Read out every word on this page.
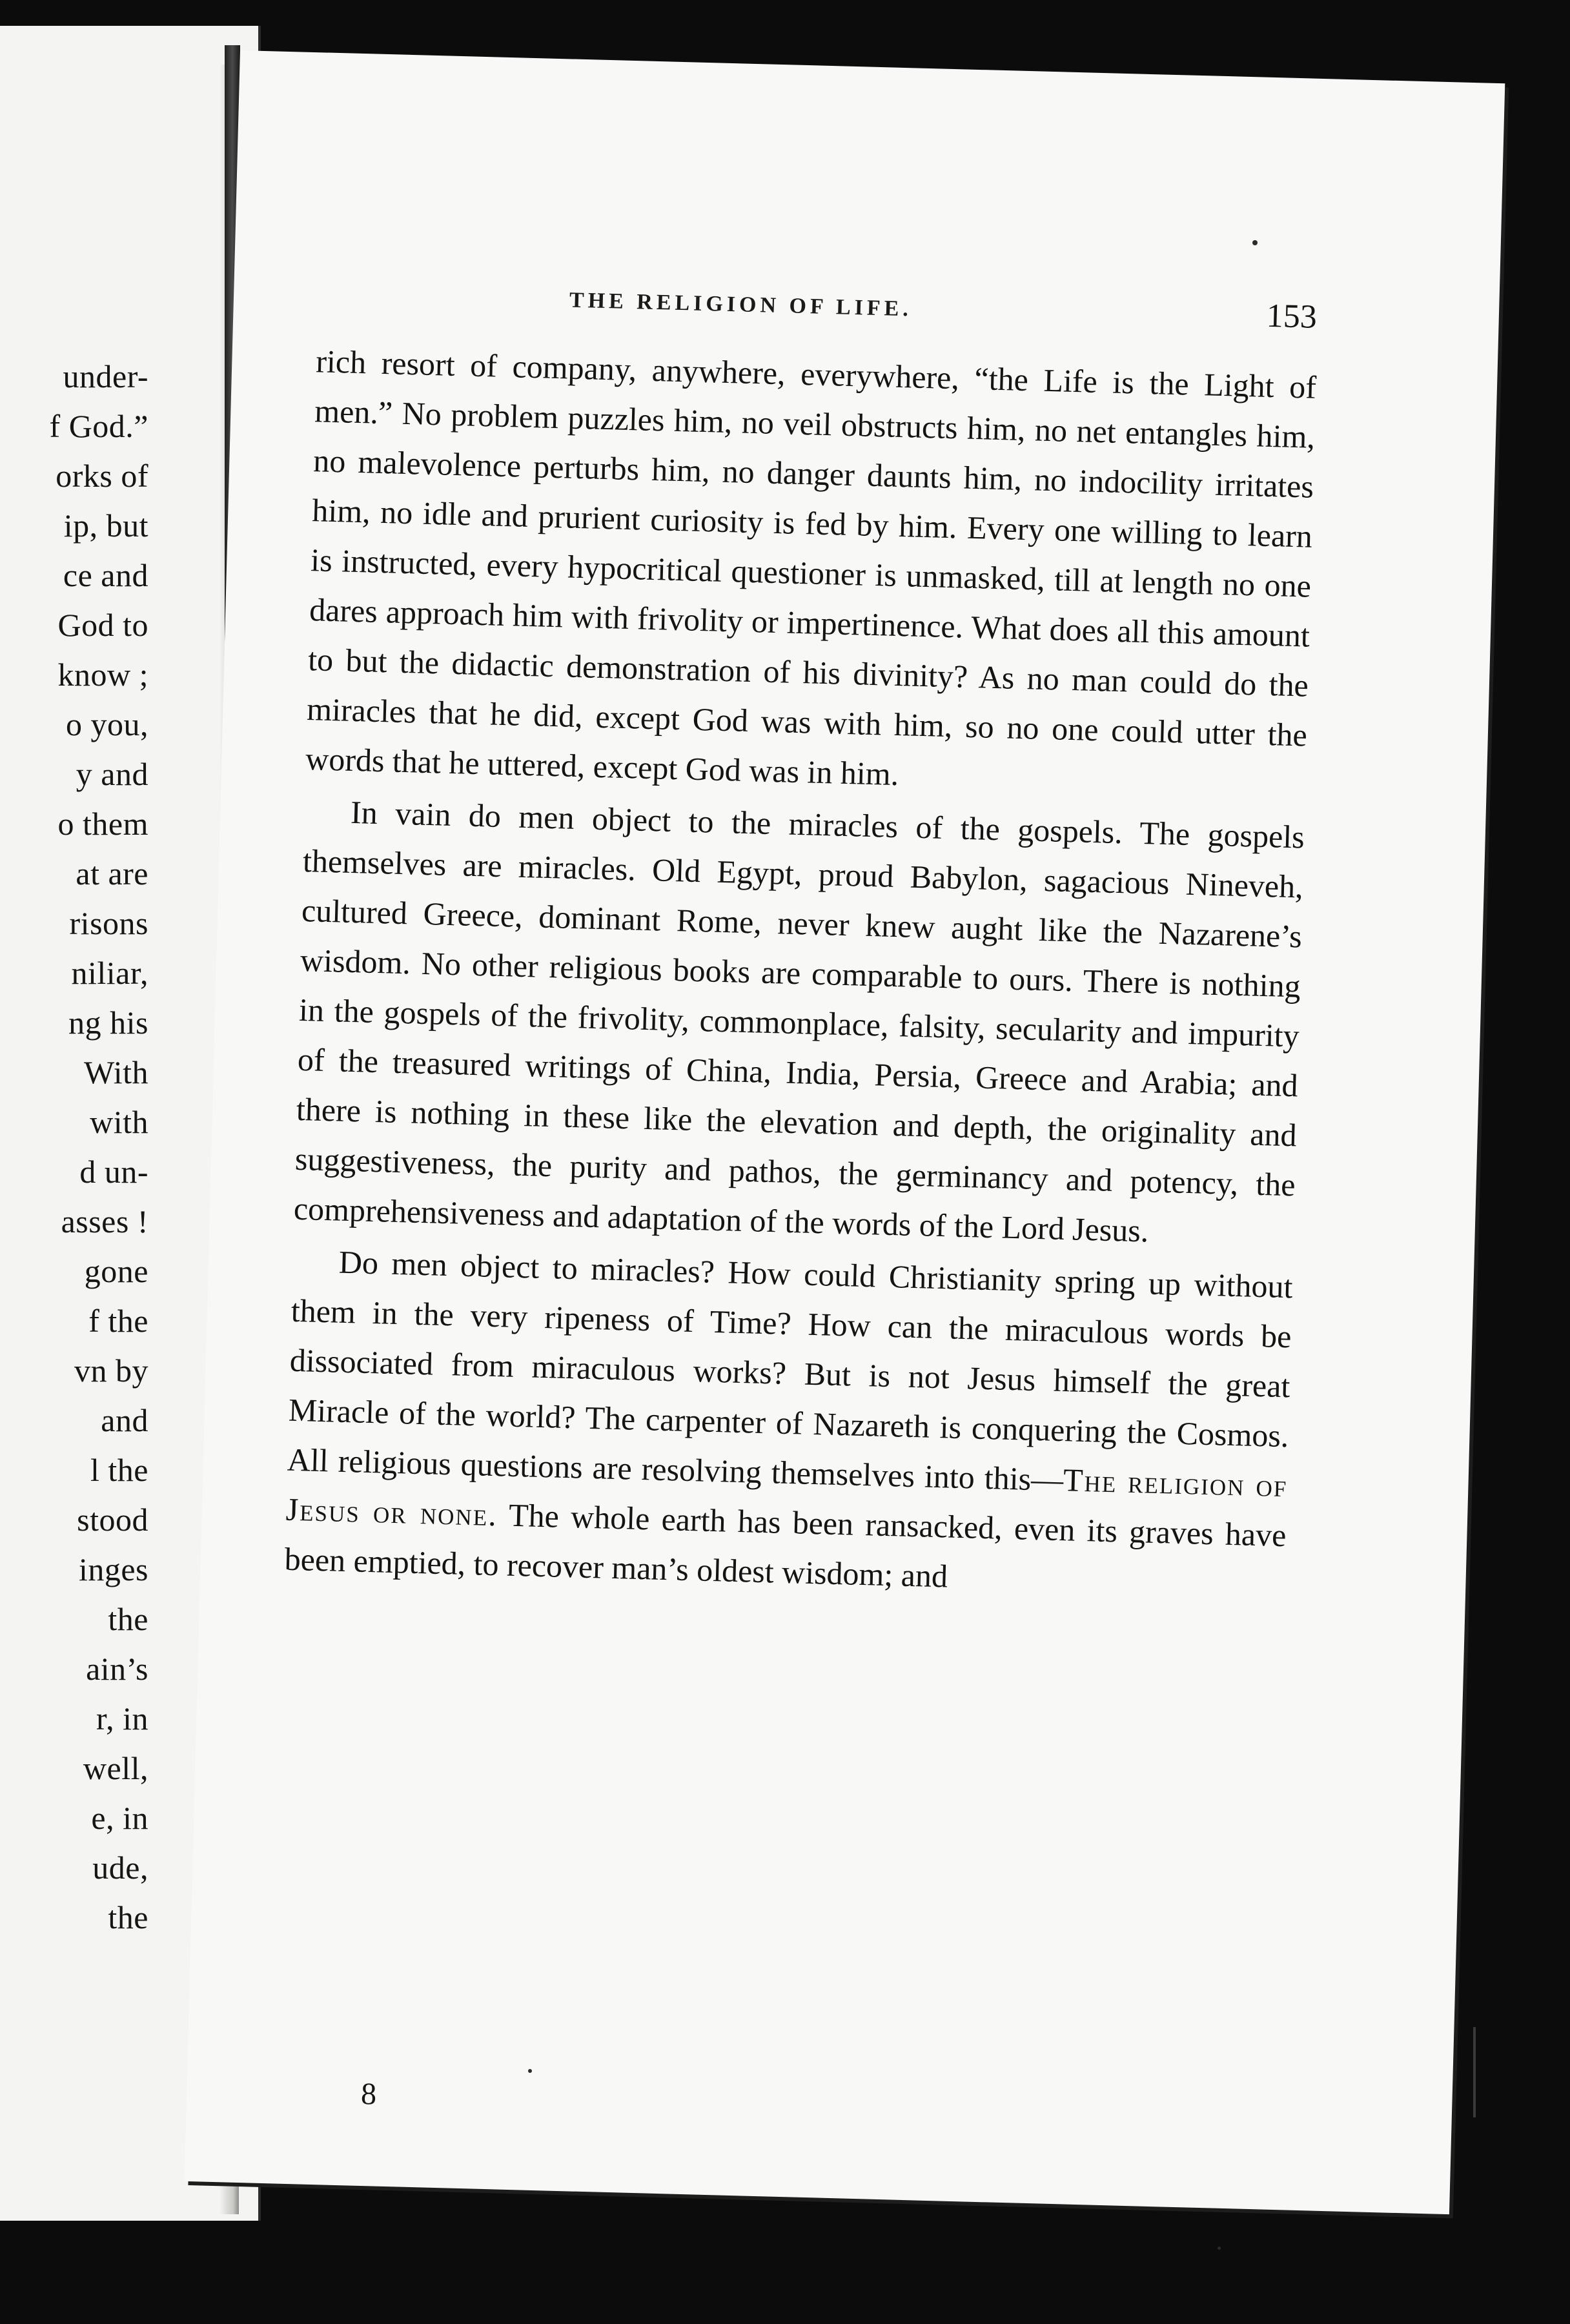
under-
f God.”
orks of
ip, but
ce and
God to
know ;
o you,
y and
o them
at are
risons
niliar,
ng his
With
with
d un-
asses !
gone
f the
vn by
and
l the
stood
inges
the
ain’s
r, in
well,
e, in
ude,
the
THE RELIGION OF LIFE.	153

rich resort of company, anywhere, everywhere, “the Life is the Light of men.” No problem puzzles him, no veil obstructs him, no net entangles him, no malevolence perturbs him, no danger daunts him, no indocility irritates him, no idle and prurient curiosity is fed by him. Every one willing to learn is instructed, every hypocritical questioner is unmasked, till at length no one dares approach him with frivolity or impertinence. What does all this amount to but the didactic demonstration of his divinity? As no man could do the miracles that he did, except God was with him, so no one could utter the words that he uttered, except God was in him.

In vain do men object to the miracles of the gospels. The gospels themselves are miracles. Old Egypt, proud Babylon, sagacious Nineveh, cultured Greece, dominant Rome, never knew aught like the Nazarene’s wisdom. No other religious books are comparable to ours. There is nothing in the gospels of the frivolity, commonplace, falsity, secularity and impurity of the treasured writings of China, India, Persia, Greece and Arabia; and there is nothing in these like the elevation and depth, the originality and suggestiveness, the purity and pathos, the germinancy and potency, the comprehensiveness and adaptation of the words of the Lord Jesus.

Do men object to miracles? How could Christianity spring up without them in the very ripeness of Time? How can the miraculous words be dissociated from miraculous works? But is not Jesus himself the great Miracle of the world? The carpenter of Nazareth is conquering the Cosmos. All religious questions are resolving themselves into this—The religion of Jesus or none. The whole earth has been ransacked, even its graves have been emptied, to recover man’s oldest wisdom; and

8
